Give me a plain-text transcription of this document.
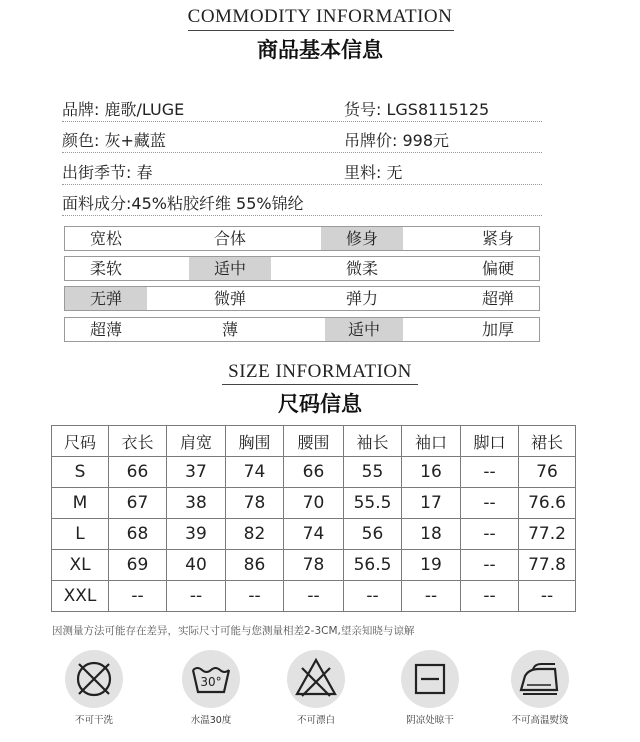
COMMODITY INFORMATION
商品基本信息
品牌: 鹿歌/LUGE	货号: LGS8115125
颜色: 灰+藏蓝	吊牌价: 998元
出街季节: 春	里料: 无
面料成分:45%粘胶纤维 55%锦纶
宽松	合体	修身	紧身
柔软	适中	微柔	偏硬
无弹	微弹	弹力	超弹
超薄	薄	适中	加厚
SIZE INFORMATION
尺码信息
尺码	衣长	肩宽	胸围	腰围	袖长	袖口	脚口	裙长
S	66	37	74	66	55	16	--	76
M	67	38	78	70	55.5	17	--	76.6
L	68	39	82	74	56	18	--	77.2
XL	69	40	86	78	56.5	19	--	77.8
XXL	--	--	--	--	--	--	--	--
因测量方法可能存在差异，实际尺寸可能与您测量相差2-3CM,望亲知晓与谅解
不可干洗
30°
水温30度	不可漂白	阴凉处晾干	不可高温熨烫
